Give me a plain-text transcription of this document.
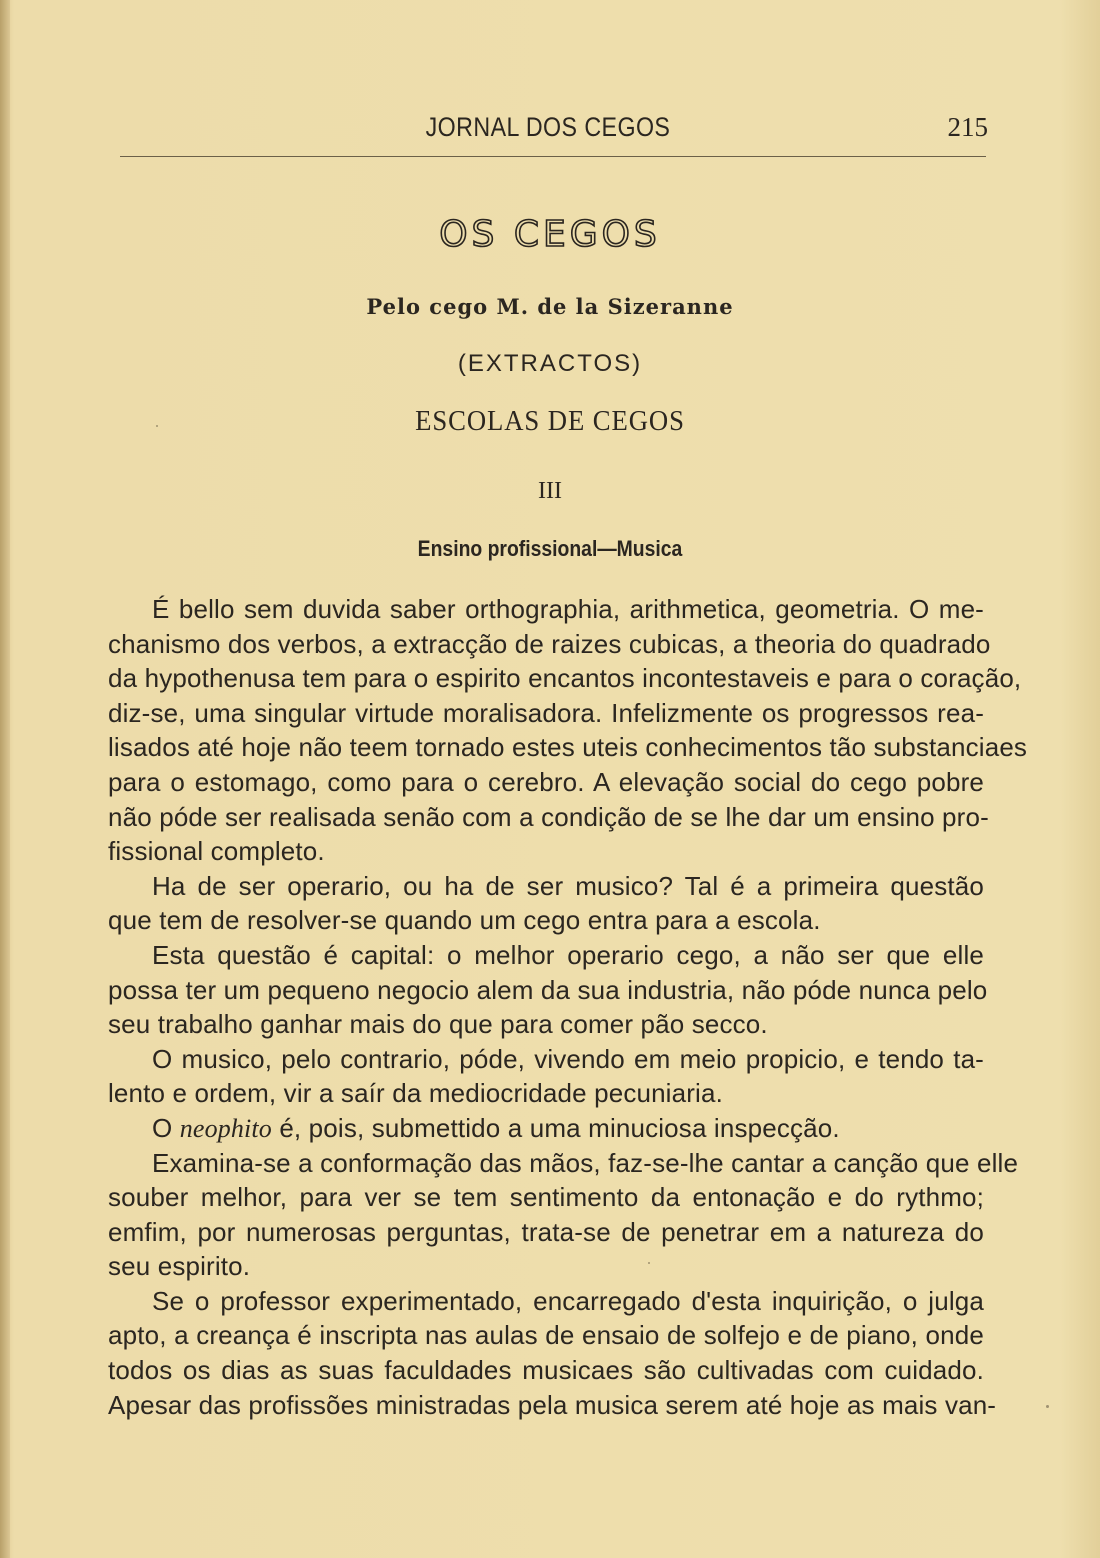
JORNAL DOS CEGOS	215
OS CEGOS
Pelo cego M. de la Sizeranne
(EXTRACTOS)
ESCOLAS DE CEGOS
III
Ensino profissional—Musica
É bello sem duvida saber orthographia, arithmetica, geometria. O me-
chanismo dos verbos, a extracção de raizes cubicas, a theoria do quadrado
da hypothenusa tem para o espirito encantos incontestaveis e para o coração,
diz-se, uma singular virtude moralisadora. Infelizmente os progressos rea-
lisados até hoje não teem tornado estes uteis conhecimentos tão substanciaes
para o estomago, como para o cerebro. A elevação social do cego pobre
não póde ser realisada senão com a condição de se lhe dar um ensino pro-
fissional completo.
Ha de ser operario, ou ha de ser musico? Tal é a primeira questão
que tem de resolver-se quando um cego entra para a escola.
Esta questão é capital: o melhor operario cego, a não ser que elle
possa ter um pequeno negocio alem da sua industria, não póde nunca pelo
seu trabalho ganhar mais do que para comer pão secco.
O musico, pelo contrario, póde, vivendo em meio propicio, e tendo ta-
lento e ordem, vir a saír da mediocridade pecuniaria.
O neophito é, pois, submettido a uma minuciosa inspecção.
Examina-se a conformação das mãos, faz-se-lhe cantar a canção que elle
souber melhor, para ver se tem sentimento da entonação e do rythmo;
emfim, por numerosas perguntas, trata-se de penetrar em a natureza do
seu espirito.
Se o professor experimentado, encarregado d'esta inquirição, o julga
apto, a creança é inscripta nas aulas de ensaio de solfejo e de piano, onde
todos os dias as suas faculdades musicaes são cultivadas com cuidado.
Apesar das profissões ministradas pela musica serem até hoje as mais van-
